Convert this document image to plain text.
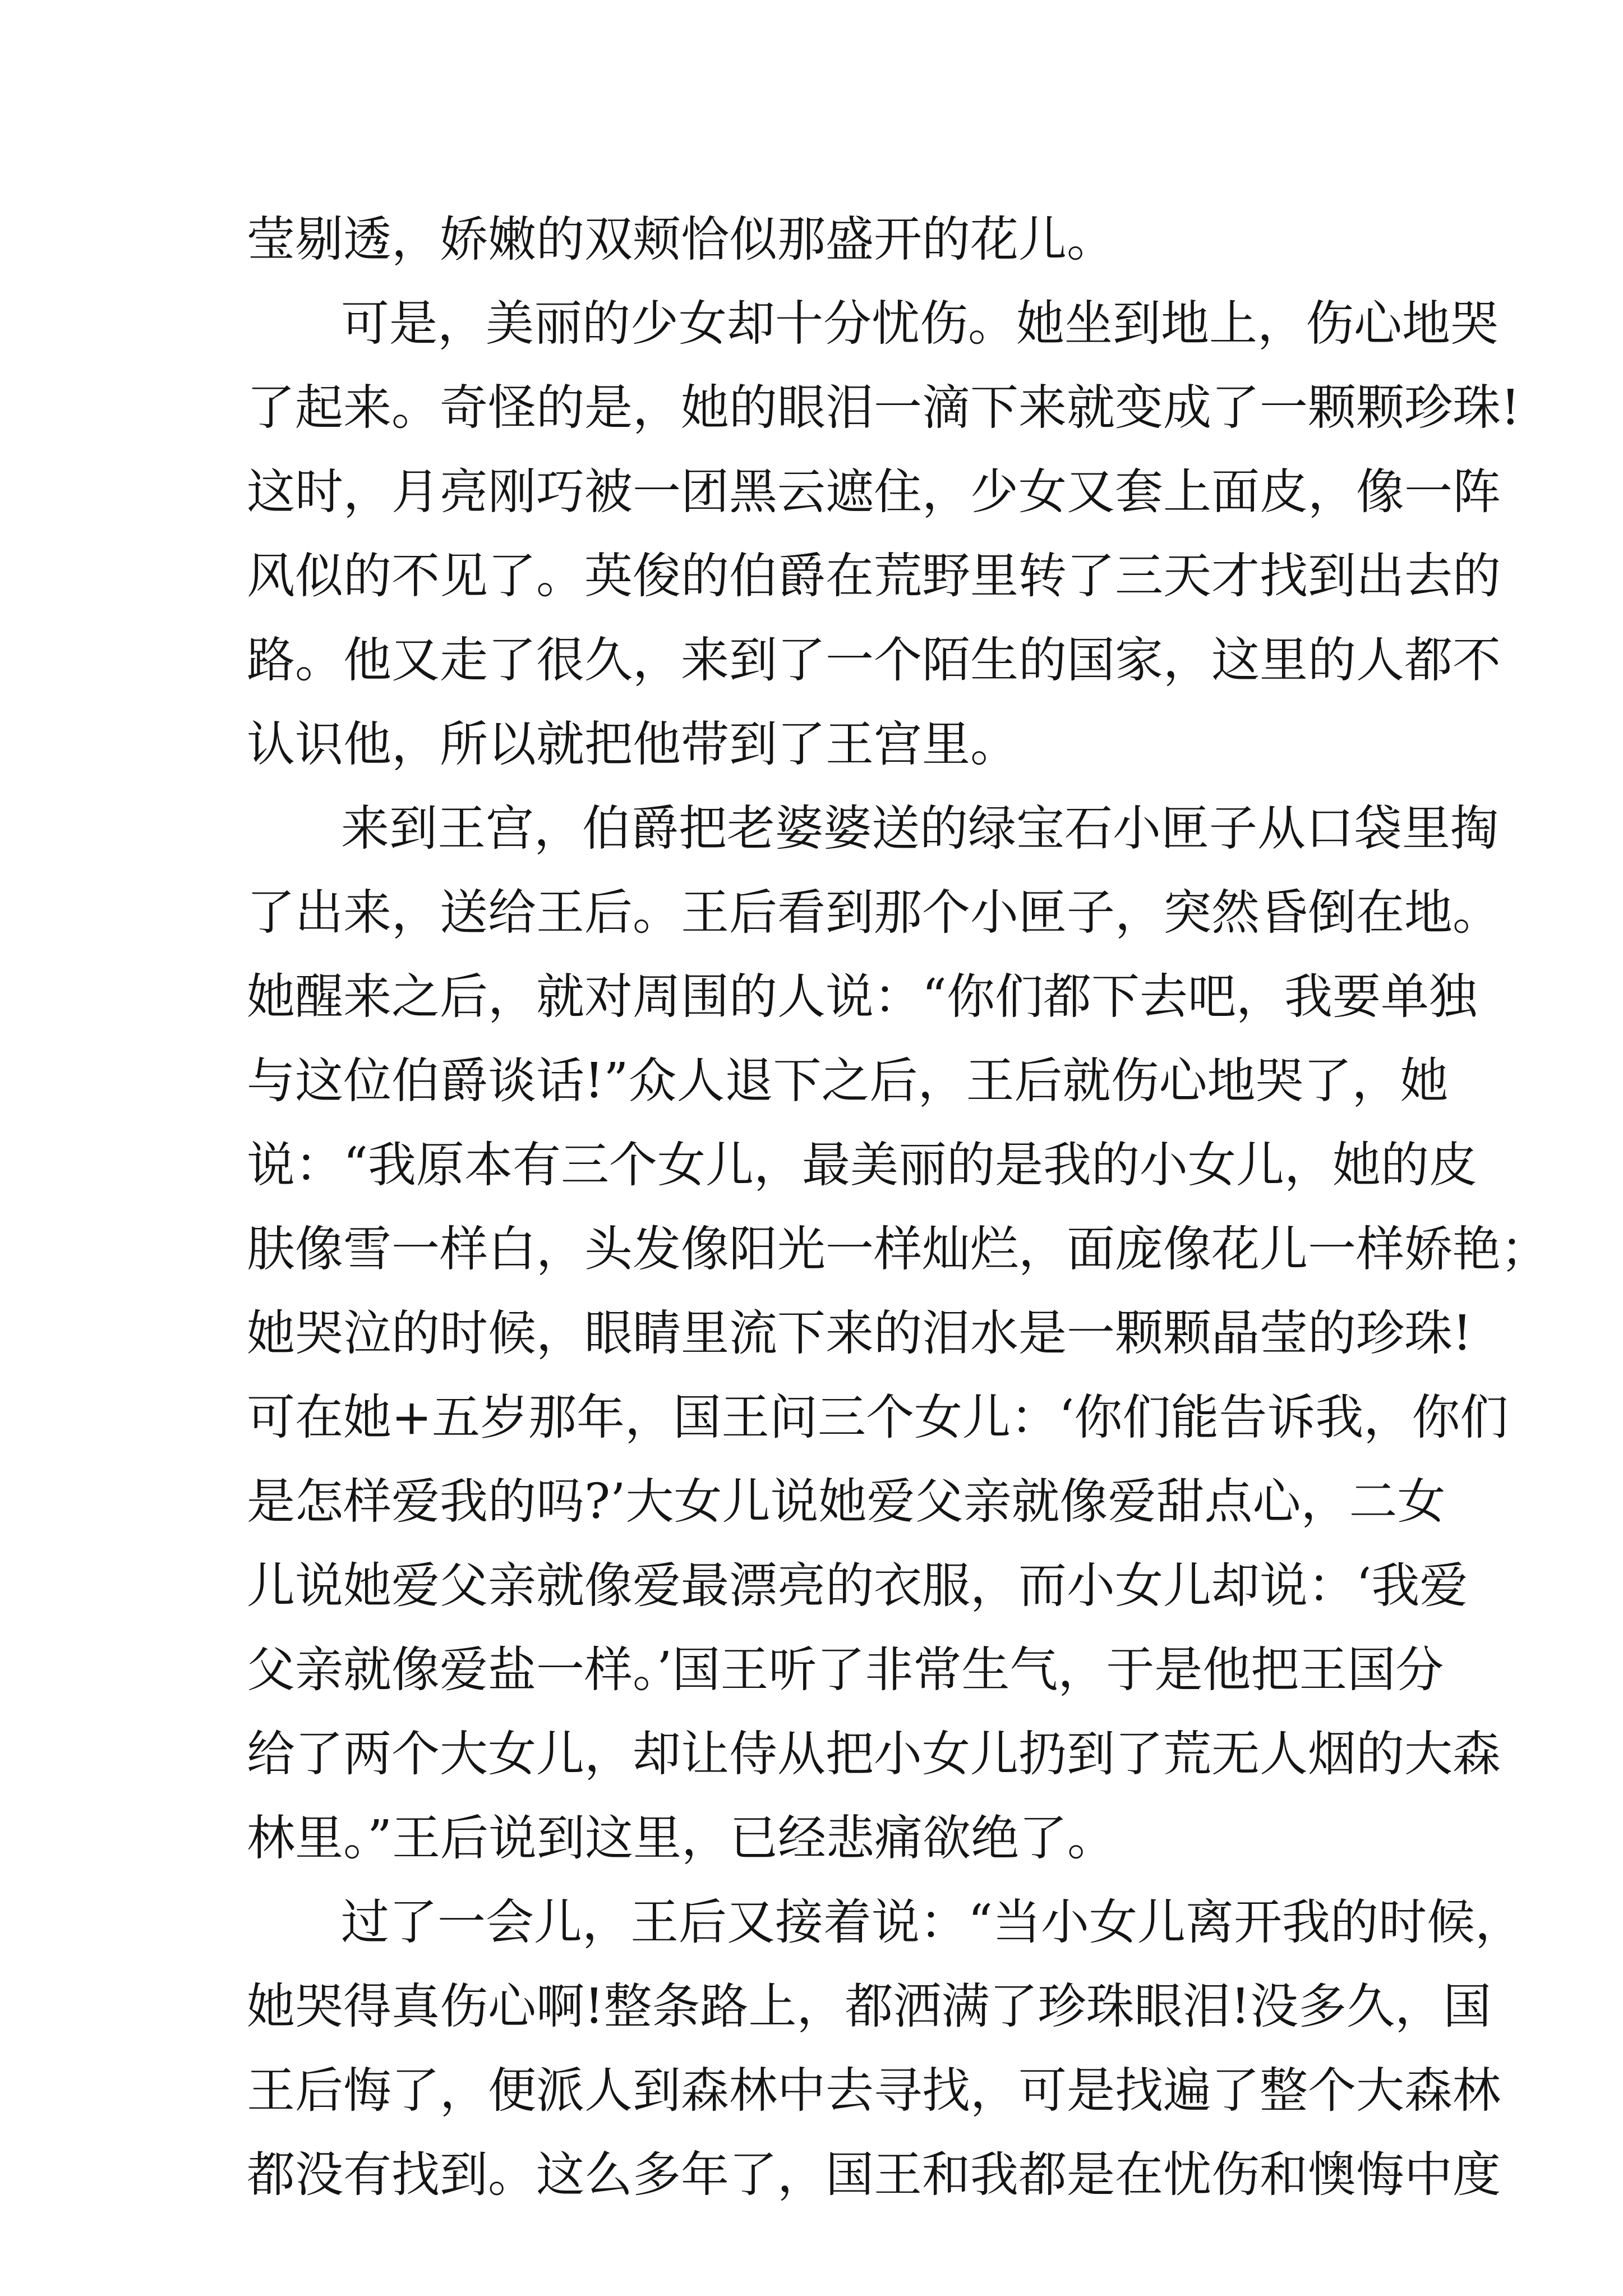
莹剔透，娇嫩的双颊恰似那盛开的花儿。
可是，美丽的少女却十分忧伤。她坐到地上，伤心地哭
了起来。奇怪的是，她的眼泪一滴下来就变成了一颗颗珍珠!
这时，月亮刚巧被一团黑云遮住，少女又套上面皮，像一阵
风似的不见了。英俊的伯爵在荒野里转了三天才找到出去的
路。他又走了很久，来到了一个陌生的国家，这里的人都不
认识他，所以就把他带到了王宫里。
来到王宫，伯爵把老婆婆送的绿宝石小匣子从口袋里掏
了出来，送给王后。王后看到那个小匣子，突然昏倒在地。
她醒来之后，就对周围的人说：“你们都下去吧，我要单独
与这位伯爵谈话!”众人退下之后，王后就伤心地哭了，她
说：“我原本有三个女儿，最美丽的是我的小女儿，她的皮
肤像雪一样白，头发像阳光一样灿烂，面庞像花儿一样娇艳；
她哭泣的时候，眼睛里流下来的泪水是一颗颗晶莹的珍珠!
可在她+五岁那年，国王问三个女儿：‘你们能告诉我，你们
是怎样爱我的吗?’大女儿说她爱父亲就像爱甜点心，二女
儿说她爱父亲就像爱最漂亮的衣服，而小女儿却说：‘我爱
父亲就像爱盐一样。’国王听了非常生气，于是他把王国分
给了两个大女儿，却让侍从把小女儿扔到了荒无人烟的大森
林里。”王后说到这里，已经悲痛欲绝了。
过了一会儿，王后又接着说：“当小女儿离开我的时候，
她哭得真伤心啊!整条路上，都洒满了珍珠眼泪!没多久，国
王后悔了，便派人到森林中去寻找，可是找遍了整个大森林
都没有找到。这么多年了，国王和我都是在忧伤和懊悔中度
